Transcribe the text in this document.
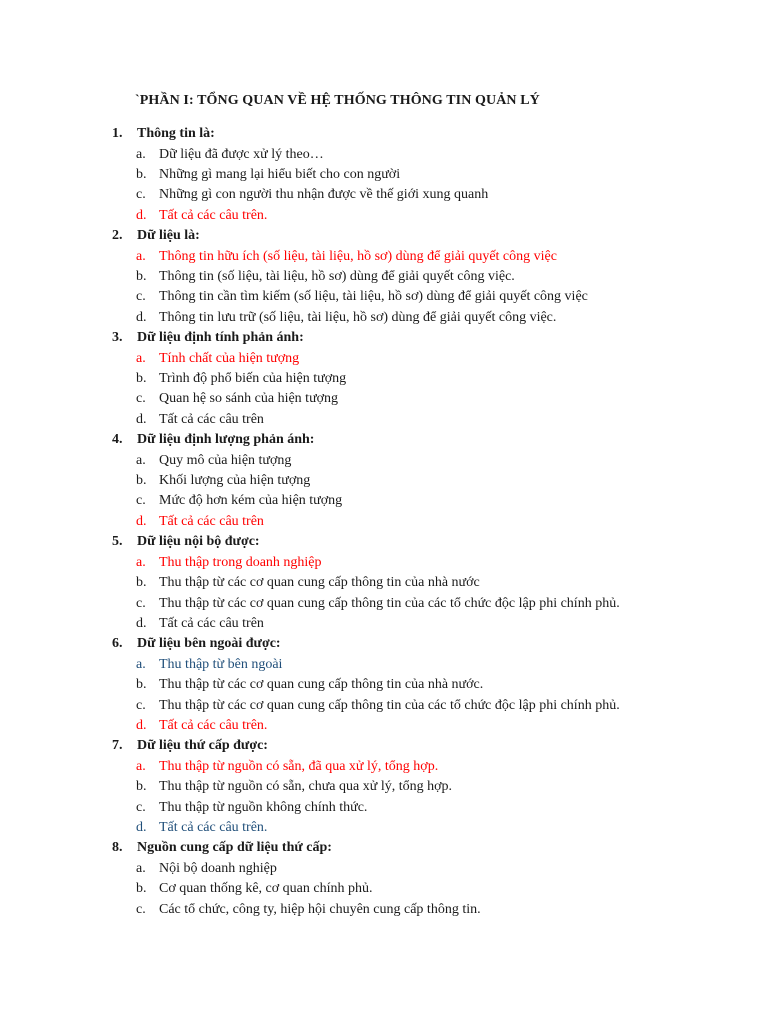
`PHẦN I: TỔNG QUAN VỀ HỆ THỐNG THÔNG TIN QUẢN LÝ
1. Thông tin là:
a. Dữ liệu đã được xử lý theo…
b. Những gì mang lại hiểu biết cho con người
c. Những gì con người thu nhận được về thế giới xung quanh
d. Tất cả các câu trên.
2. Dữ liệu là:
a. Thông tin hữu ích (số liệu, tài liệu, hồ sơ) dùng để giải quyết công việc
b. Thông tin (số liệu, tài liệu, hồ sơ) dùng để giải quyết công việc.
c. Thông tin cần tìm kiếm (số liệu, tài liệu, hồ sơ) dùng để giải quyết công việc
d. Thông tin lưu trữ (số liệu, tài liệu, hồ sơ) dùng để giải quyết công việc.
3. Dữ liệu định tính phản ánh:
a. Tính chất của hiện tượng
b. Trình độ phổ biến của hiện tượng
c. Quan hệ so sánh của hiện tượng
d. Tất cả các câu trên
4. Dữ liệu định lượng phản ánh:
a. Quy mô của hiện tượng
b. Khối lượng của hiện tượng
c. Mức độ hơn kém của hiện tượng
d. Tất cả các câu trên
5. Dữ liệu nội bộ được:
a. Thu thập trong doanh nghiệp
b. Thu thập từ các cơ quan cung cấp thông tin của nhà nước
c. Thu thập từ các cơ quan cung cấp thông tin của các tổ chức độc lập phi chính phủ.
d. Tất cả các câu trên
6. Dữ liệu bên ngoài được:
a. Thu thập từ bên ngoài
b. Thu thập từ các cơ quan cung cấp thông tin của nhà nước.
c. Thu thập từ các cơ quan cung cấp thông tin của các tổ chức độc lập phi chính phủ.
d. Tất cả các câu trên.
7. Dữ liệu thứ cấp được:
a. Thu thập từ nguồn có sẵn, đã qua xử lý, tổng hợp.
b. Thu thập từ nguồn có sẵn, chưa qua xử lý, tổng hợp.
c. Thu thập từ nguồn không chính thức.
d. Tất cả các câu trên.
8. Nguồn cung cấp dữ liệu thứ cấp:
a. Nội bộ doanh nghiệp
b. Cơ quan thống kê, cơ quan chính phủ.
c. Các tổ chức, công ty, hiệp hội chuyên cung cấp thông tin.
